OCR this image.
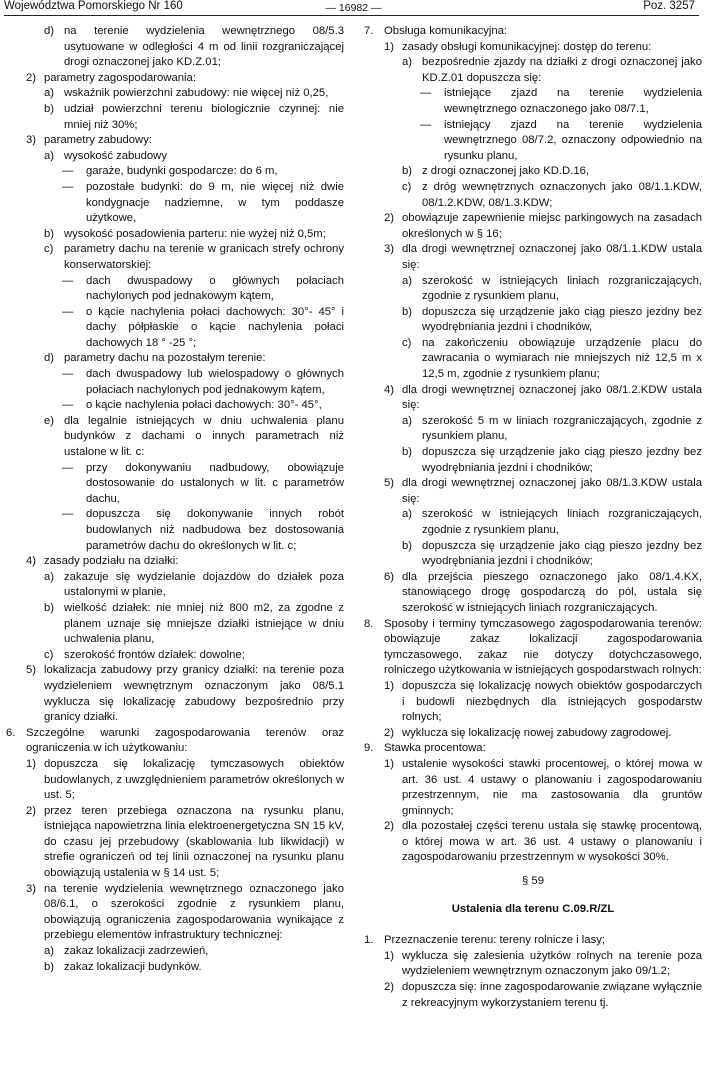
Województwa Pomorskiego Nr 160	— 16982 —	Poz. 3257
d) na terenie wydzielenia wewnętrznego 08/5.3 usytuowane w odległości 4 m od linii rozgraniczającej drogi oznaczonej jako KD.Z.01;
2) parametry zagospodarowania:
a) wskaźnik powierzchni zabudowy: nie więcej niż 0,25,
b) udział powierzchni terenu biologicznie czynnej: nie mniej niż 30%;
3) parametry zabudowy:
a) wysokość zabudowy
— garaże, budynki gospodarcze: do 6 m,
— pozostałe budynki: do 9 m, nie więcej niż dwie kondygnacje nadziemne, w tym poddasze użytkowe,
b) wysokość posadowienia parteru: nie wyżej niż 0,5m;
c) parametry dachu na terenie w granicach strefy ochrony konserwatorskiej:
— dach dwuspadowy o głównych połaciach nachylonych pod jednakowym kątem,
— o kącie nachylenia połaci dachowych: 30°- 45° i dachy półpłaskie o kącie nachylenia połaci dachowych 18 ° -25 °;
d) parametry dachu na pozostałym terenie:
— dach dwuspadowy lub wielospadowy o głównych połaciach nachylonych pod jednakowym kątem,
— o kącie nachylenia połaci dachowych: 30°- 45°,
e) dla legalnie istniejących w dniu uchwalenia planu budynków z dachami o innych parametrach niż ustalone w lit. c:
— przy dokonywaniu nadbudowy, obowiązuje dostosowanie do ustalonych w lit. c parametrów dachu,
— dopuszcza się dokonywanie innych robót budowlanych niż nadbudowa bez dostosowania parametrów dachu do określonych w lit. c;
4) zasady podziału na działki:
a) zakazuje się wydzielanie dojazdów do działek poza ustalonymi w planie,
b) wielkość działek: nie mniej niż 800 m2, za zgodne z planem uznaje się mniejsze działki istniejące w dniu uchwalenia planu,
c) szerokość frontów działek: dowolne;
5) lokalizacja zabudowy przy granicy działki: na terenie poza wydzieleniem wewnętrznym oznaczonym jako 08/5.1 wyklucza się lokalizację zabudowy bezpośrednio przy granicy działki.
6. Szczególne warunki zagospodarowania terenów oraz ograniczenia w ich użytkowaniu:
1) dopuszcza się lokalizację tymczasowych obiektów budowlanych, z uwzględnieniem parametrów określonych w ust. 5;
2) przez teren przebiega oznaczona na rysunku planu, istniejąca napowietrzna linia elektroenergetyczna SN 15 kV, do czasu jej przebudowy (skablowania lub likwidacji) w strefie ograniczeń od tej linii oznaczonej na rysunku planu obowiązują ustalenia w § 14 ust. 5;
3) na terenie wydzielenia wewnętrznego oznaczonego jako 08/6.1, o szerokości zgodnie z rysunkiem planu, obowiązują ograniczenia zagospodarowania wynikające z przebiegu elementów infrastruktury technicznej:
a) zakaz lokalizacji zadrzewień,
b) zakaz lokalizacji budynków.
7. Obsługa komunikacyjna:
1) zasady obsługi komunikacyjnej: dostęp do terenu:
a) bezpośrednie zjazdy na działki z drogi oznaczonej jako KD.Z.01 dopuszcza się:
— istniejące zjazd na terenie wydzielenia wewnętrznego oznaczonego jako 08/7.1,
— istniejący zjazd na terenie wydzielenia wewnętrznego 08/7.2, oznaczony odpowiednio na rysunku planu,
b) z drogi oznaczonej jako KD.D.16,
c) z dróg wewnętrznych oznaczonych jako 08/1.1.KDW, 08/1.2.KDW, 08/1.3.KDW;
2) obowiązuje zapewnienie miejsc parkingowych na zasadach określonych w § 16;
3) dla drogi wewnętrznej oznaczonej jako 08/1.1.KDW ustala się:
a) szerokość w istniejących liniach rozgraniczających, zgodnie z rysunkiem planu,
b) dopuszcza się urządzenie jako ciąg pieszo jezdny bez wyodrębniania jezdni i chodników,
c) na zakończeniu obowiązuje urządzenie placu do zawracania o wymiarach nie mniejszych niż 12,5 m x 12,5 m, zgodnie z rysunkiem planu;
4) dla drogi wewnętrznej oznaczonej jako 08/1.2.KDW ustala się:
a) szerokość 5 m w liniach rozgraniczających, zgodnie z rysunkiem planu,
b) dopuszcza się urządzenie jako ciąg pieszo jezdny bez wyodrębniania jezdni i chodników;
5) dla drogi wewnętrznej oznaczonej jako 08/1.3.KDW ustala się:
a) szerokość w istniejących liniach rozgraniczających, zgodnie z rysunkiem planu,
b) dopuszcza się urządzenie jako ciąg pieszo jezdny bez wyodrębniania jezdni i chodników;
6) dla przejścia pieszego oznaczonego jako 08/1.4.KX, stanowiącego drogę gospodarczą do pól, ustala się szerokość w istniejących liniach rozgraniczających.
8. Sposoby i terminy tymczasowego zagospodarowania terenów: obowiązuje zakaz lokalizacji zagospodarowania tymczasowego, zakaz nie dotyczy dotychczasowego, rolniczego użytkowania w istniejących gospodarstwach rolnych:
1) dopuszcza się lokalizację nowych obiektów gospodarczych i budowli niezbędnych dla istniejących gospodarstw rolnych;
2) wyklucza się lokalizację nowej zabudowy zagrodowej.
9. Stawka procentowa:
1) ustalenie wysokości stawki procentowej, o której mowa w art. 36 ust. 4 ustawy o planowaniu i zagospodarowaniu przestrzennym, nie ma zastosowania dla gruntów gminnych;
2) dla pozostałej części terenu ustala się stawkę procentową, o której mowa w art. 36 ust. 4 ustawy o planowaniu i zagospodarowaniu przestrzennym w wysokości 30%.
§ 59
Ustalenia dla terenu C.09.R/ZL
1. Przeznaczenie terenu: tereny rolnicze i lasy;
1) wyklucza się zalesienia użytków rolnych na terenie poza wydzieleniem wewnętrznym oznaczonym jako 09/1.2;
2) dopuszcza się: inne zagospodarowanie związane wyłącznie z rekreacyjnym wykorzystaniem terenu tj.
